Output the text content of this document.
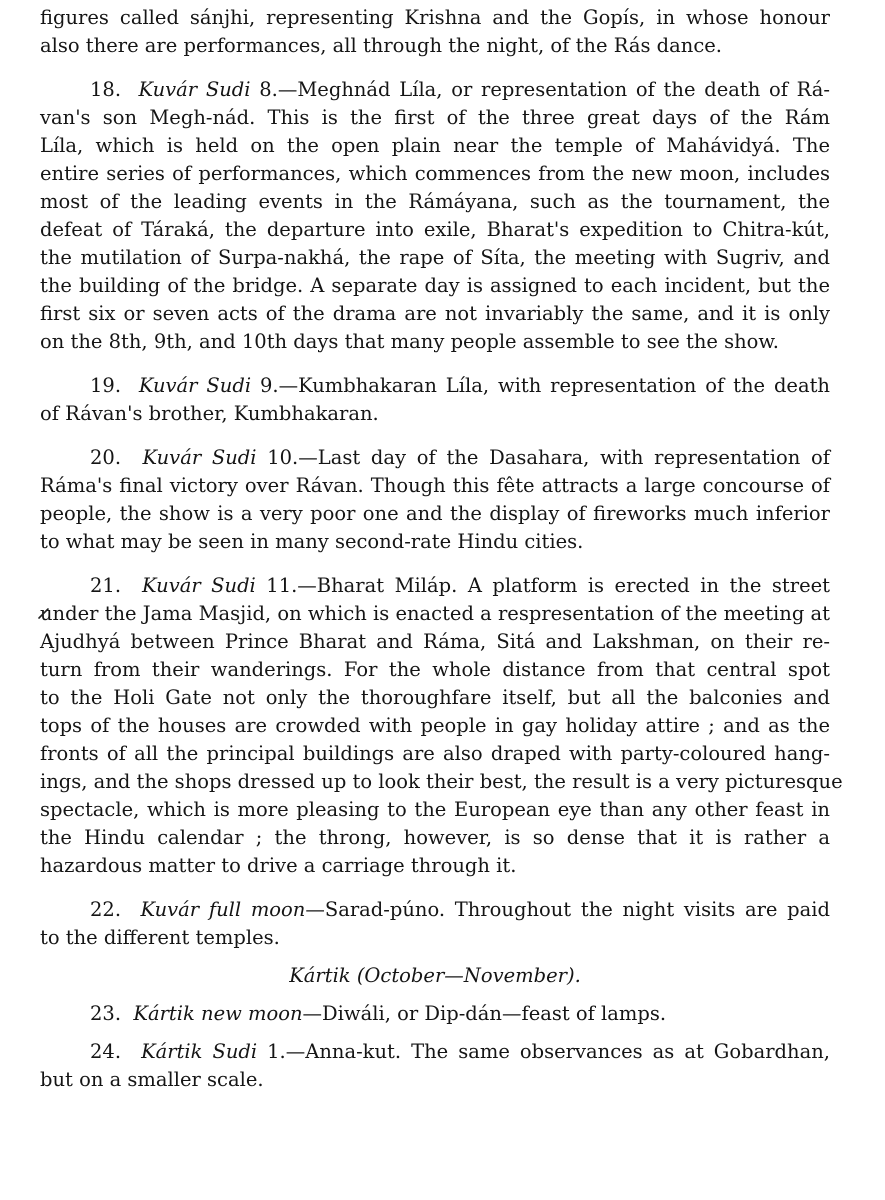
figures called sánjhi, representing Krishna and the Gopís, in whose honour
also there are performances, all through the night, of the Rás dance.

18. Kuvár Sudi 8.—Meghnád Líla, or representation of the death of Rá-
van's son Megh-nád. This is the first of the three great days of the Rám
Líla, which is held on the open plain near the temple of Mahávidyá. The
entire series of performances, which commences from the new moon, includes
most of the leading events in the Rámáyana, such as the tournament, the
defeat of Táraká, the departure into exile, Bharat's expedition to Chitra-kút,
the mutilation of Surpa-nakhá, the rape of Síta, the meeting with Sugriv, and
the building of the bridge. A separate day is assigned to each incident, but the
first six or seven acts of the drama are not invariably the same, and it is only
on the 8th, 9th, and 10th days that many people assemble to see the show.

19. Kuvár Sudi 9.—Kumbhakaran Líla, with representation of the death
of Rávan's brother, Kumbhakaran.

20. Kuvár Sudi 10.—Last day of the Dasahara, with representation of
Ráma's final victory over Rávan. Though this fête attracts a large concourse of
people, the show is a very poor one and the display of fireworks much inferior
to what may be seen in many second-rate Hindu cities.

21. Kuvár Sudi 11.—Bharat Miláp. A platform is erected in the street
under the Jama Masjid, on which is enacted a respresentation of the meeting at
Ajudhyá between Prince Bharat and Ráma, Sitá and Lakshman, on their re-
turn from their wanderings. For the whole distance from that central spot
to the Holi Gate not only the thoroughfare itself, but all the balconies and
tops of the houses are crowded with people in gay holiday attire ; and as the
fronts of all the principal buildings are also draped with party-coloured hang-
ings, and the shops dressed up to look their best, the result is a very picturesque
spectacle, which is more pleasing to the European eye than any other feast in
the Hindu calendar ; the throng, however, is so dense that it is rather a
hazardous matter to drive a carriage through it.

22. Kuvár full moon—Sarad-púno. Throughout the night visits are paid
to the different temples.

Kártik (October—November).

23. Kártik new moon—Diwáli, or Dip-dán—feast of lamps.

24. Kártik Sudi 1.—Anna-kut. The same observances as at Gobardhan,
but on a smaller scale.
